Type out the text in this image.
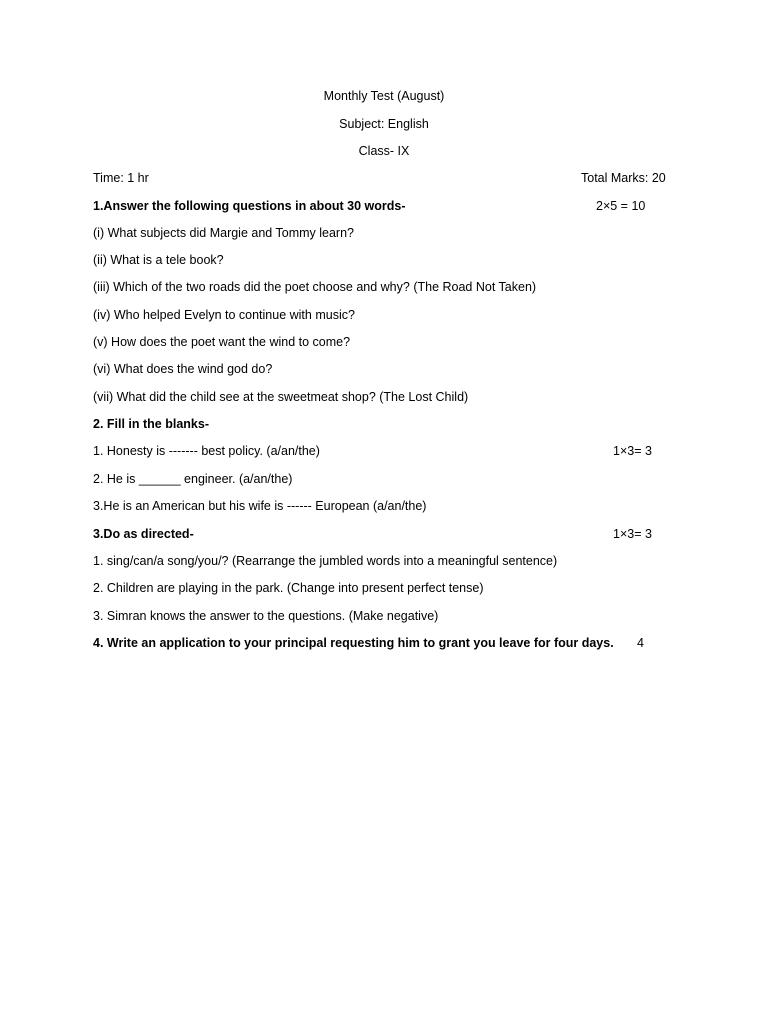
Monthly Test (August)
Subject: English
Class- IX
Time: 1 hr	Total Marks: 20
1.Answer the following questions in about 30 words-	2×5 = 10
(i) What subjects did Margie and Tommy learn?
(ii) What is a tele book?
(iii) Which of the two roads did the poet choose and why? (The Road Not Taken)
(iv) Who helped Evelyn to continue with music?
(v) How does the poet want the wind to come?
(vi) What does the wind god do?
(vii) What did the child see at the sweetmeat shop? (The Lost Child)
2. Fill in the blanks-
1. Honesty is ------- best policy. (a/an/the)	1×3= 3
2. He is ______ engineer. (a/an/the)
3.He is an American but his wife is ------ European (a/an/the)
3.Do as directed-	1×3= 3
1. sing/can/a song/you/? (Rearrange the jumbled words into a meaningful sentence)
2. Children are playing in the park. (Change into present perfect tense)
3. Simran knows the answer to the questions. (Make negative)
4. Write an application to your principal requesting him to grant you leave for four days. 4
